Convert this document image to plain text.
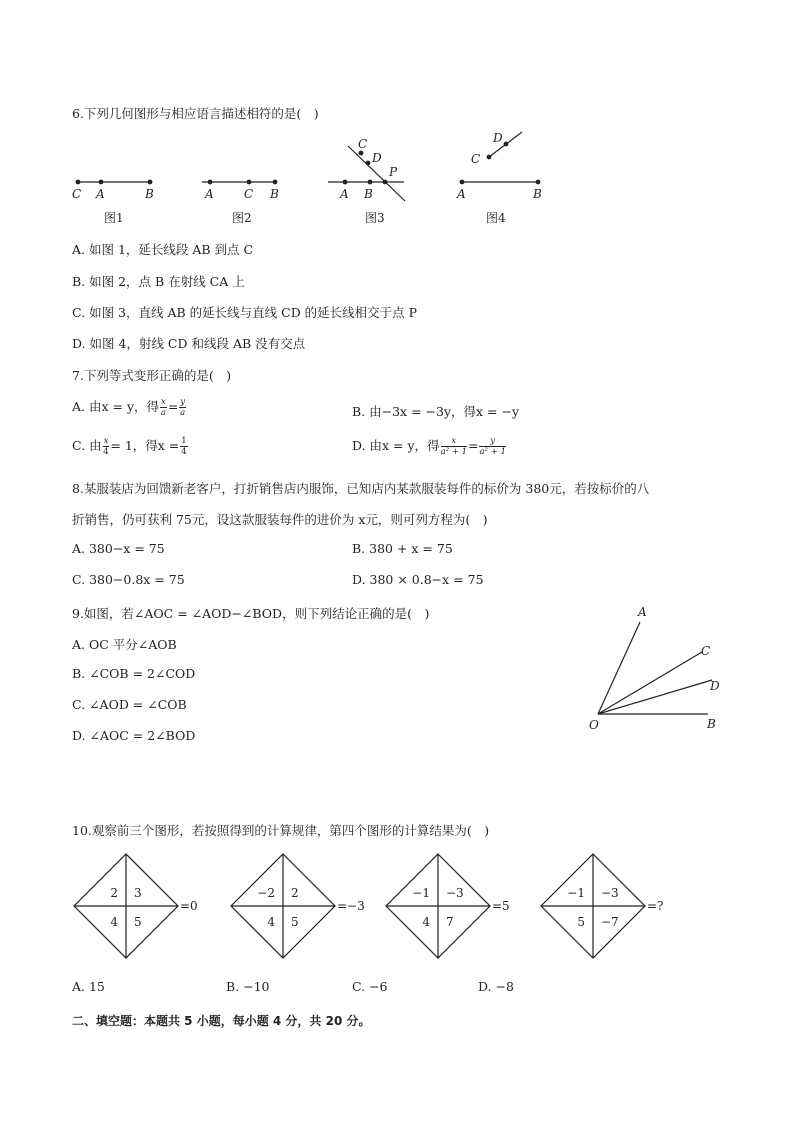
6.下列几何图形与相应语言描述相符的是(　)
C A	B
图1
A	C B
图2
C
D
P
A B
图3
D
C
A	B
图4
A. 如图 1，延长线段 AB 到点 C
B. 如图 2，点 B 在射线 CA 上
C. 如图 3，直线 AB 的延长线与直线 CD 的延长线相交于点 P
D. 如图 4，射线 CD 和线段 AB 没有交点
7.下列等式变形正确的是(　)
A. 由x = y，得 $\frac{x}{a} = \frac{y}{a}$	B. 由−3x = −3y，得x = −y
C. 由 $\frac{x}{4} = 1$，得$x = \frac{1}{4}$	D. 由x = y，得 $\frac{x}{\text{a² + 1}} = \frac{y}{\text{a² + 1}}$
8.某服装店为回馈新老客户，打折销售店内服饰，已知店内某款服装每件的标价为 380元，若按标价的八
折销售，仍可获利 75元，设这款服装每件的进价为 x元，则可列方程为(　)
A. 380−x = 75	B. 380 + x = 75
C. 380−0.8x = 75	D. 380 × 0.8−x = 75
9.如图，若∠AOC = ∠AOD−∠BOD，则下列结论正确的是(　)
A. OC 平分∠AOB
B. ∠COB = 2∠COD
C. ∠AOD = ∠COB
D. ∠AOC = 2∠BOD
A
C
D
O	B
10.观察前三个图形，若按照得到的计算规律，第四个图形的计算结果为(　)
2 3
4 5
=0
−2 2
4 5
=−3
−1 −3
4 7
=5
−1 −3
5 −7
=?
A. 15	B. −10	C. −6	D. −8
二、填空题：本题共 5 小题，每小题 4 分，共 20 分。
